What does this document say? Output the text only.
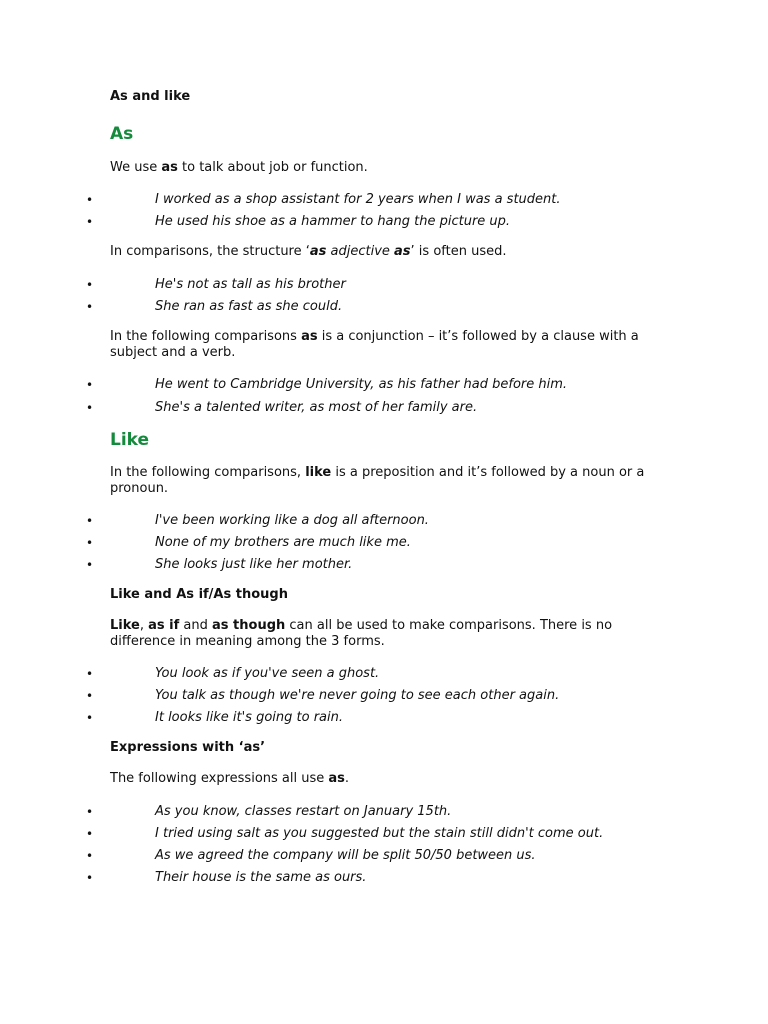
As and like
As
We use as to talk about job or function.
•	I worked as a shop assistant for 2 years when I was a student.
•	He used his shoe as a hammer to hang the picture up.
In comparisons, the structure ‘as adjective as’ is often used.
•	He's not as tall as his brother
•	She ran as fast as she could.
In the following comparisons as is a conjunction – it’s followed by a clause with a subject and a verb.
•	He went to Cambridge University, as his father had before him.
•	She's a talented writer, as most of her family are.
Like
In the following comparisons, like is a preposition and it’s followed by a noun or a pronoun.
•	I've been working like a dog all afternoon.
•	None of my brothers are much like me.
•	She looks just like her mother.
Like and As if/As though
Like, as if and as though can all be used to make comparisons. There is no difference in meaning among the 3 forms.
•	You look as if you've seen a ghost.
•	You talk as though we're never going to see each other again.
•	It looks like it's going to rain.
Expressions with ‘as’
The following expressions all use as.
•	As you know, classes restart on January 15th.
•	I tried using salt as you suggested but the stain still didn't come out.
•	As we agreed the company will be split 50/50 between us.
•	Their house is the same as ours.
